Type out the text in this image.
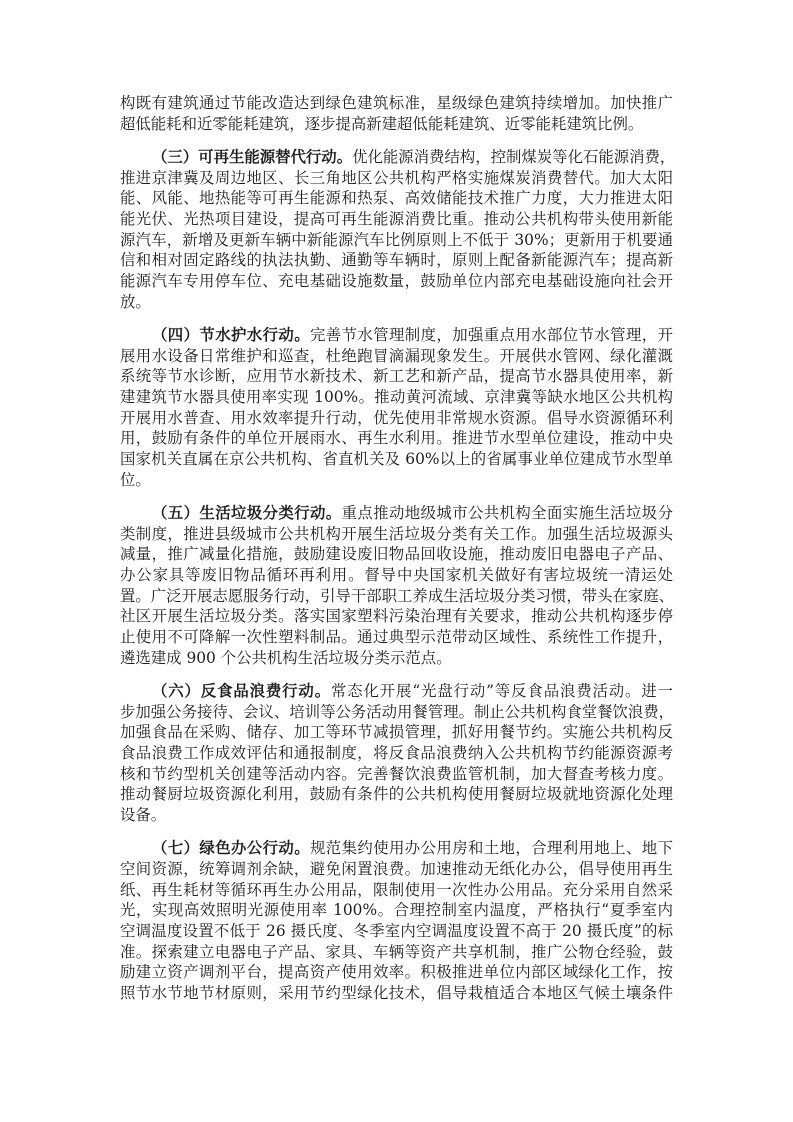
构既有建筑通过节能改造达到绿色建筑标准，星级绿色建筑持续增加。加快推广
超低能耗和近零能耗建筑，逐步提高新建超低能耗建筑、近零能耗建筑比例。
（三）可再生能源替代行动。优化能源消费结构，控制煤炭等化石能源消费，
推进京津冀及周边地区、长三角地区公共机构严格实施煤炭消费替代。加大太阳
能、风能、地热能等可再生能源和热泵、高效储能技术推广力度，大力推进太阳
能光伏、光热项目建设，提高可再生能源消费比重。推动公共机构带头使用新能
源汽车，新增及更新车辆中新能源汽车比例原则上不低于 30%；更新用于机要通
信和相对固定路线的执法执勤、通勤等车辆时，原则上配备新能源汽车；提高新
能源汽车专用停车位、充电基础设施数量，鼓励单位内部充电基础设施向社会开
放。
（四）节水护水行动。完善节水管理制度，加强重点用水部位节水管理，开
展用水设备日常维护和巡查，杜绝跑冒滴漏现象发生。开展供水管网、绿化灌溉
系统等节水诊断，应用节水新技术、新工艺和新产品，提高节水器具使用率，新
建建筑节水器具使用率实现 100%。推动黄河流域、京津冀等缺水地区公共机构
开展用水普查、用水效率提升行动，优先使用非常规水资源。倡导水资源循环利
用，鼓励有条件的单位开展雨水、再生水利用。推进节水型单位建设，推动中央
国家机关直属在京公共机构、省直机关及 60%以上的省属事业单位建成节水型单
位。
（五）生活垃圾分类行动。重点推动地级城市公共机构全面实施生活垃圾分
类制度，推进县级城市公共机构开展生活垃圾分类有关工作。加强生活垃圾源头
减量，推广减量化措施，鼓励建设废旧物品回收设施，推动废旧电器电子产品、
办公家具等废旧物品循环再利用。督导中央国家机关做好有害垃圾统一清运处
置。广泛开展志愿服务行动，引导干部职工养成生活垃圾分类习惯，带头在家庭、
社区开展生活垃圾分类。落实国家塑料污染治理有关要求，推动公共机构逐步停
止使用不可降解一次性塑料制品。通过典型示范带动区域性、系统性工作提升，
遴选建成 900 个公共机构生活垃圾分类示范点。
（六）反食品浪费行动。常态化开展“光盘行动”等反食品浪费活动。进一
步加强公务接待、会议、培训等公务活动用餐管理。制止公共机构食堂餐饮浪费，
加强食品在采购、储存、加工等环节减损管理，抓好用餐节约。实施公共机构反
食品浪费工作成效评估和通报制度，将反食品浪费纳入公共机构节约能源资源考
核和节约型机关创建等活动内容。完善餐饮浪费监管机制，加大督查考核力度。
推动餐厨垃圾资源化利用，鼓励有条件的公共机构使用餐厨垃圾就地资源化处理
设备。
（七）绿色办公行动。规范集约使用办公用房和土地，合理利用地上、地下
空间资源，统筹调剂余缺，避免闲置浪费。加速推动无纸化办公，倡导使用再生
纸、再生耗材等循环再生办公用品，限制使用一次性办公用品。充分采用自然采
光，实现高效照明光源使用率 100%。合理控制室内温度，严格执行“夏季室内
空调温度设置不低于 26 摄氏度、冬季室内空调温度设置不高于 20 摄氏度”的标
准。探索建立电器电子产品、家具、车辆等资产共享机制，推广公物仓经验，鼓
励建立资产调剂平台，提高资产使用效率。积极推进单位内部区域绿化工作，按
照节水节地节材原则，采用节约型绿化技术，倡导栽植适合本地区气候土壤条件
